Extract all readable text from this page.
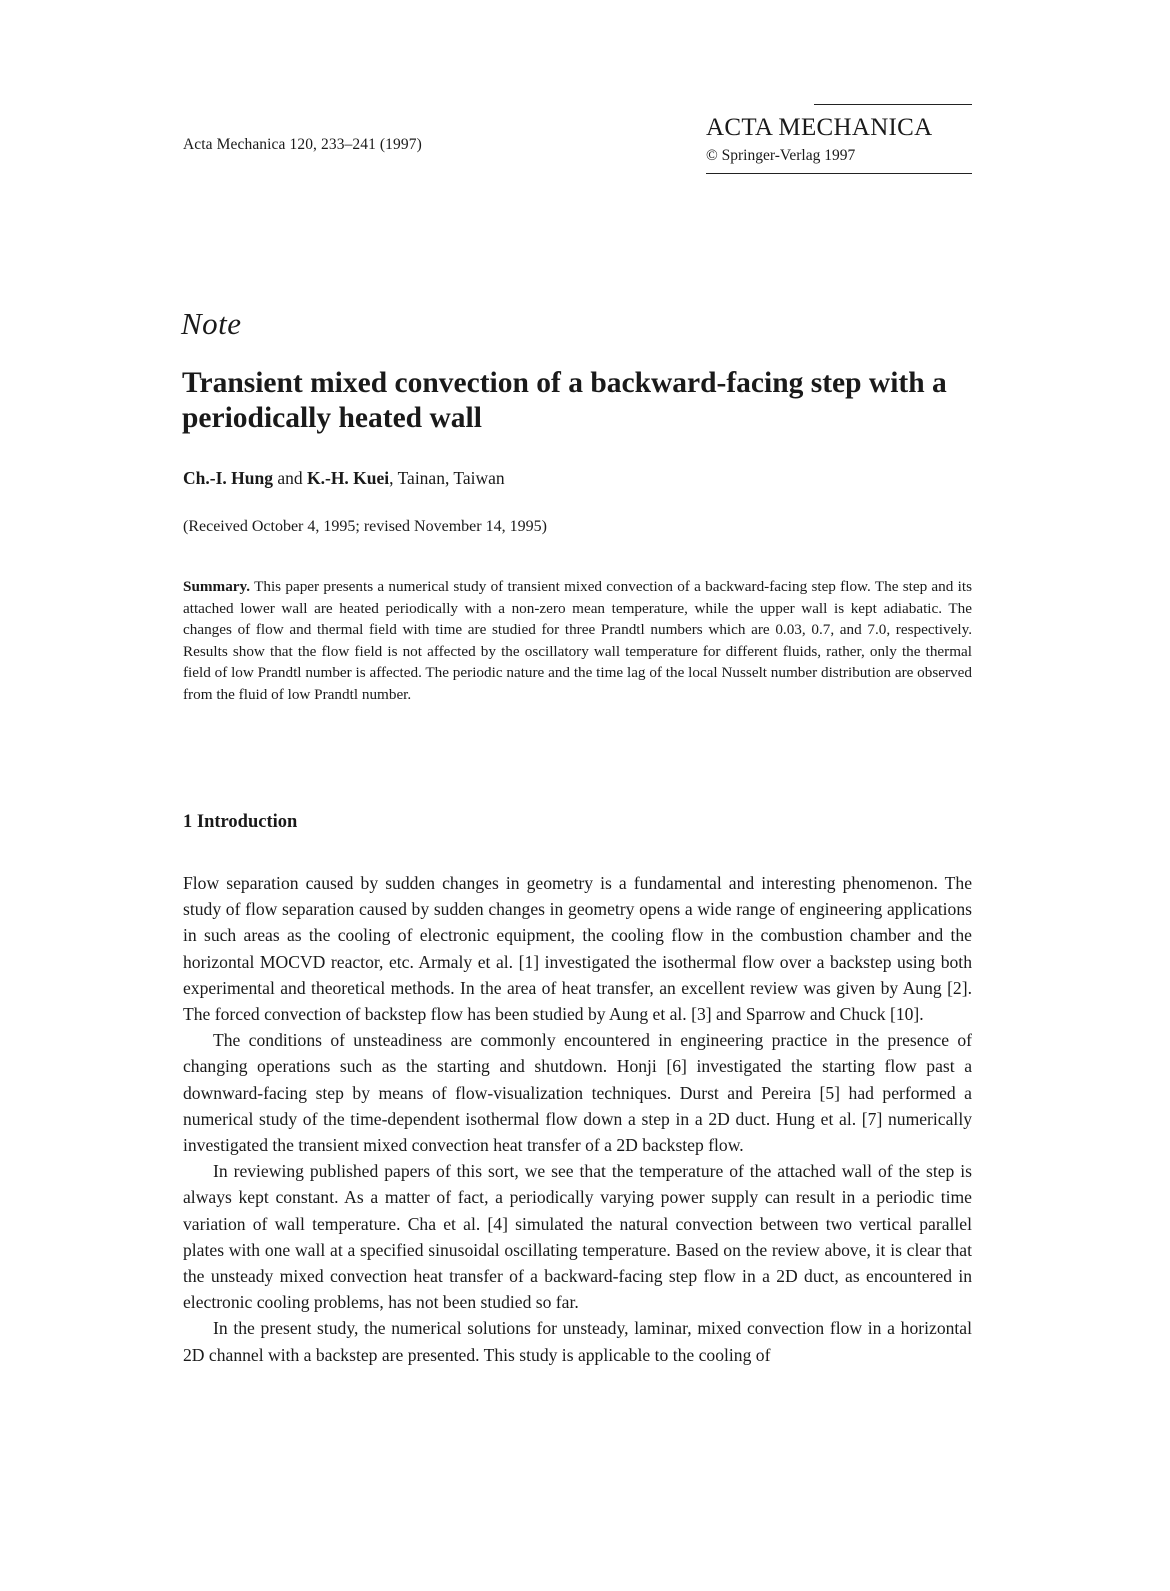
Acta Mechanica 120, 233–241 (1997)
ACTA MECHANICA
© Springer-Verlag 1997
Note
Transient mixed convection of a backward-facing step with a periodically heated wall
Ch.-I. Hung and K.-H. Kuei, Tainan, Taiwan
(Received October 4, 1995; revised November 14, 1995)

Summary. This paper presents a numerical study of transient mixed convection of a backward-facing step flow. The step and its attached lower wall are heated periodically with a non-zero mean temperature, while the upper wall is kept adiabatic. The changes of flow and thermal field with time are studied for three Prandtl numbers which are 0.03, 0.7, and 7.0, respectively. Results show that the flow field is not affected by the oscillatory wall temperature for different fluids, rather, only the thermal field of low Prandtl number is affected. The periodic nature and the time lag of the local Nusselt number distribution are observed from the fluid of low Prandtl number.

1 Introduction

Flow separation caused by sudden changes in geometry is a fundamental and interesting phenomenon. The study of flow separation caused by sudden changes in geometry opens a wide range of engineering applications in such areas as the cooling of electronic equipment, the cooling flow in the combustion chamber and the horizontal MOCVD reactor, etc. Armaly et al. [1] investigated the isothermal flow over a backstep using both experimental and theoretical methods. In the area of heat transfer, an excellent review was given by Aung [2]. The forced convection of backstep flow has been studied by Aung et al. [3] and Sparrow and Chuck [10].

The conditions of unsteadiness are commonly encountered in engineering practice in the presence of changing operations such as the starting and shutdown. Honji [6] investigated the starting flow past a downward-facing step by means of flow-visualization techniques. Durst and Pereira [5] had performed a numerical study of the time-dependent isothermal flow down a step in a 2D duct. Hung et al. [7] numerically investigated the transient mixed convection heat transfer of a 2D backstep flow.

In reviewing published papers of this sort, we see that the temperature of the attached wall of the step is always kept constant. As a matter of fact, a periodically varying power supply can result in a periodic time variation of wall temperature. Cha et al. [4] simulated the natural convection between two vertical parallel plates with one wall at a specified sinusoidal oscillating temperature. Based on the review above, it is clear that the unsteady mixed convection heat transfer of a backward-facing step flow in a 2D duct, as encountered in electronic cooling problems, has not been studied so far.

In the present study, the numerical solutions for unsteady, laminar, mixed convection flow in a horizontal 2D channel with a backstep are presented. This study is applicable to the cooling of
